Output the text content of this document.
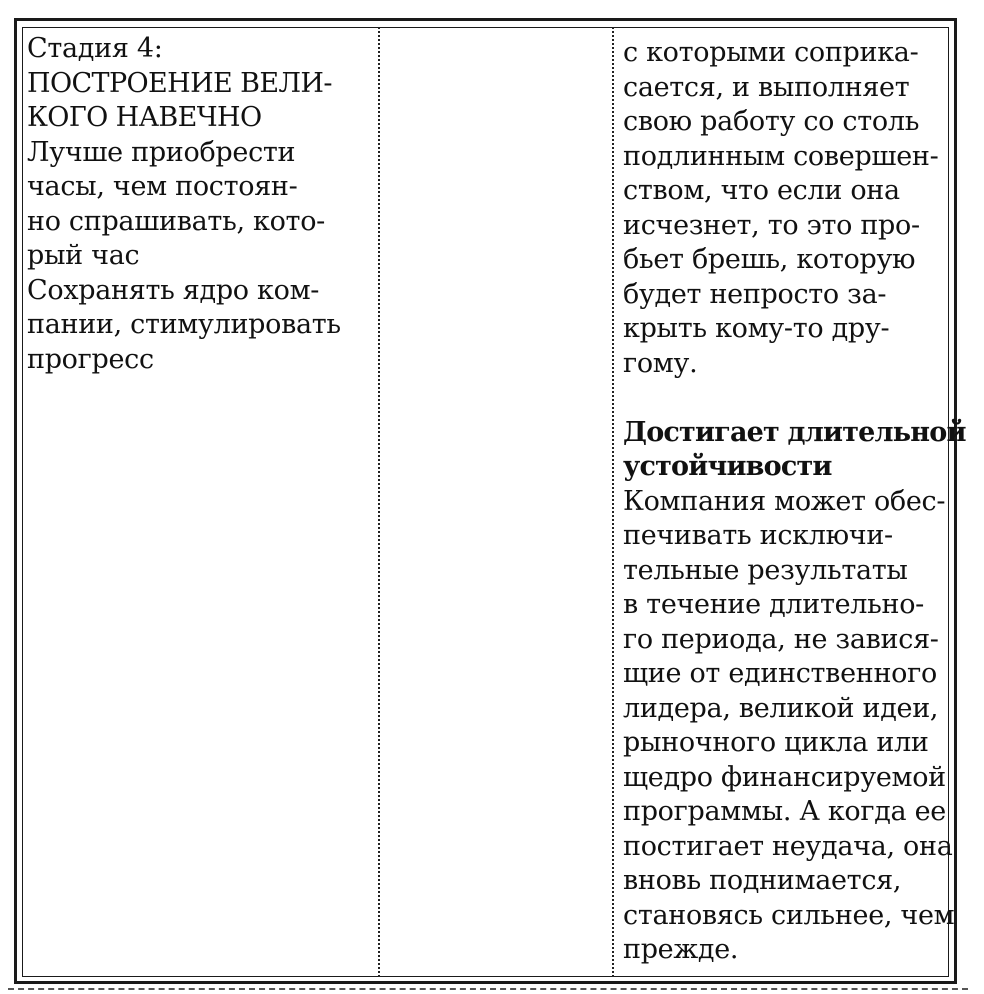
Стадия 4:
ПОСТРОЕНИЕ ВЕЛИ-
КОГО НАВЕЧНО
Лучше приобрести
часы, чем постоян-
но спрашивать, кото-
рый час
Сохранять ядро ком-
пании, стимулировать
прогресс
с которыми соприка-
сается, и выполняет
свою работу со столь
подлинным совершен-
ством, что если она
исчезнет, то это про-
бьет брешь, которую
будет непросто за-
крыть кому-то дру-
гому.
Достигает длительной
устойчивости
Компания может обес-
печивать исключи-
тельные результаты
в течение длительно-
го периода, не завися-
щие от единственного
лидера, великой идеи,
рыночного цикла или
щедро финансируемой
программы. А когда ее
постигает неудача, она
вновь поднимается,
становясь сильнее, чем
прежде.
